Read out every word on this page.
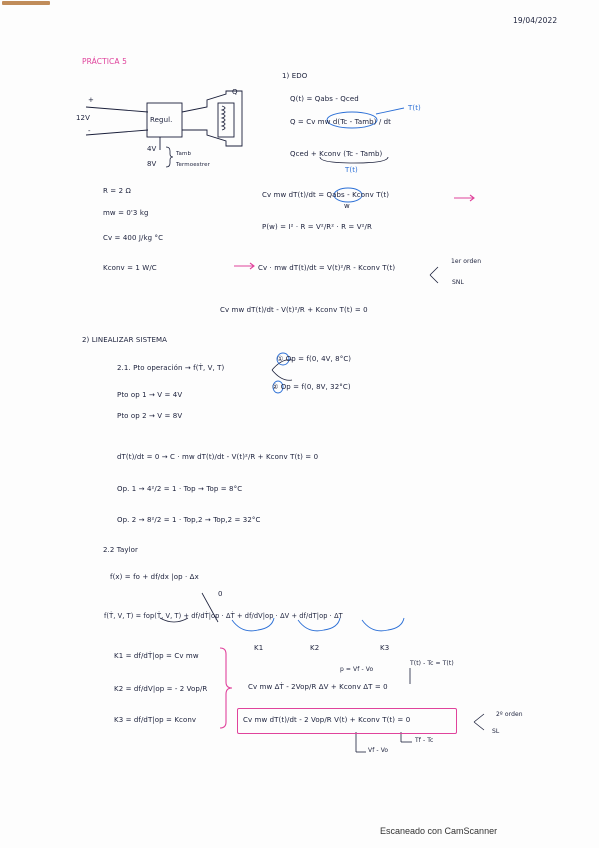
19/04/2022
PRÁCTICA 5
+
12V
-
Regul.
Q
4V
8V
Tamb
Termoestrer
R = 2 Ω
mw = 0'3 kg
Cv = 400 J/kg °C
Kconv = 1 W/C
1) EDO
Q(t) = Qabs - Qced
Q = Cv mw d(Tc - Tamb) / dt
T(t)
Qced + Kconv (Tc - Tamb)
T(t)
Cv mw dT(t)/dt = Qabs - Kconv T(t)
w
P(w) = I² · R = V²/R² · R = V²/R
Cv · mw dT(t)/dt = V(t)²/R - Kconv T(t)
1er orden
SNL
Cv mw dT(t)/dt - V(t)²/R + Kconv T(t) = 0
2) LINEALIZAR SISTEMA
2.1. Pto operación → f(Ṫ, V, T)
① Op = f(0, 4V, 8°C)
② Op = f(0, 8V, 32°C)
Pto op 1 → V = 4V
Pto op 2 → V = 8V
dT(t)/dt = 0 → C · mw dT(t)/dt - V(t)²/R + Kconv T(t) = 0
Op. 1 → 4²/2 = 1 · Top → Top = 8°C
Op. 2 → 8²/2 = 1 · Top,2 → Top,2 = 32°C
2.2 Taylor
f(x) = fo + df/dx |op · Δx
0
f(Ṫ, V, T) = fop(Ṫ, V, T) + df/dṪ|op · ΔṪ + df/dV|op · ΔV + df/dT|op · ΔT
K1	K2	K3
K1 = df/dṪ|op = Cv mw
K2 = df/dV|op = - 2 Vop/R
K3 = df/dT|op = Kconv
p = Vf - Vo
T(t) - Tc = T(t)
Cv mw ΔṪ - 2Vop/R ΔV + Kconv ΔT = 0
Cv mw dT(t)/dt - 2 Vop/R V(t) + Kconv T(t) = 0
Vf - Vo
Tf - Tc
2º orden
SL
Escaneado con CamScanner
